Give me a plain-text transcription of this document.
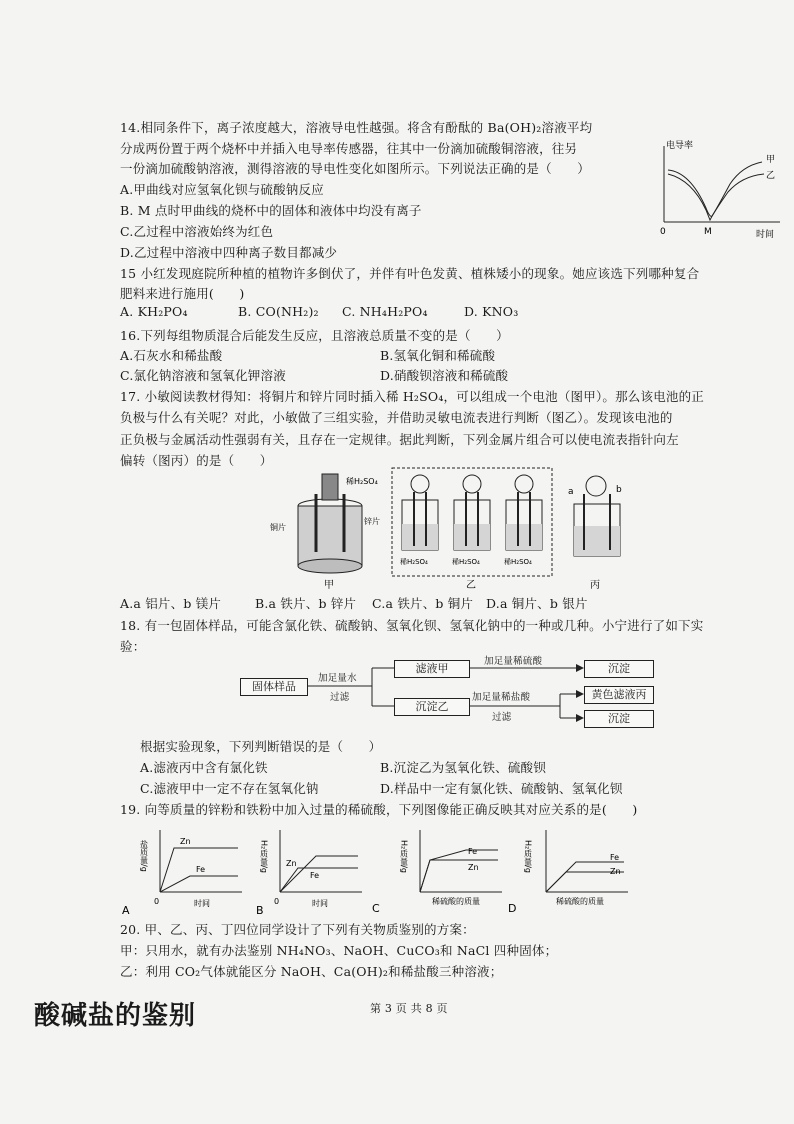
14.相同条件下，离子浓度越大，溶液导电性越强。将含有酚酞的 Ba(OH)₂溶液平均
分成两份置于两个烧杯中并插入电导率传感器，往其中一份滴加硫酸铜溶液，往另
一份滴加硫酸钠溶液，测得溶液的导电性变化如图所示。下列说法正确的是（　　）
A.甲曲线对应氢氧化钡与硫酸钠反应
B. M 点时甲曲线的烧杯中的固体和液体中均没有离子
C.乙过程中溶液始终为红色
D.乙过程中溶液中四种离子数目都减少
电导率
甲
乙
0	M	时间
15 小红发现庭院所种植的植物许多倒伏了，并伴有叶色发黄、植株矮小的现象。她应该选下列哪种复合
肥料来进行施用(　　)
A. KH₂PO₄	B. CO(NH₂)₂ C. NH₄H₂PO₄	D. KNO₃
16.下列每组物质混合后能发生反应，且溶液总质量不变的是（　　）
A.石灰水和稀盐酸	B.氢氧化铜和稀硫酸
C.氯化钠溶液和氢氧化钾溶液	D.硝酸钡溶液和稀硫酸
17. 小敏阅读教材得知：将铜片和锌片同时插入稀 H₂SO₄，可以组成一个电池（图甲）。那么该电池的正
负极与什么有关呢？对此，小敏做了三组实验，并借助灵敏电流表进行判断（图乙）。发现该电池的
正负极与金属活动性强弱有关，且存在一定规律。据此判断，下列金属片组合可以使电流表指针向左
偏转（图丙）的是（　　）
稀H₂SO₄
铜片
锌片
甲
稀H₂SO₄	稀H₂SO₄	稀H₂SO₄
乙
a	b
丙
A.a 铝片、b 镁片	B.a 铁片、b 锌片 C.a 铁片、b 铜片 D.a 铜片、b 银片
18. 有一包固体样品，可能含氯化铁、硫酸钠、氢氧化钡、氢氧化钠中的一种或几种。小宁进行了如下实
验：
固体样品
加足量水
过滤
滤液甲
加足量稀硫酸
沉淀
沉淀乙
加足量稀盐酸
过滤
黄色滤液丙
沉淀
根据实验现象，下列判断错误的是（　　）
A.滤液丙中含有氯化铁	B.沉淀乙为氢氧化铁、硫酸钡
C.滤液甲中一定不存在氢氧化钠	D.样品中一定有氯化铁、硫酸钠、氢氧化钡
19. 向等质量的锌粉和铁粉中加入过量的稀硫酸，下列图像能正确反映其对应关系的是(　　)
盐质量/g	Zn
Fe
0	时间
A
H₂质量/g Zn
Fe
0	时间
B
H₂质量/g	Fe
Zn
稀硫酸的质量
C
H₂质量/g	Fe
Zn
稀硫酸的质量
D
20. 甲、乙、丙、丁四位同学设计了下列有关物质鉴别的方案：
甲：只用水，就有办法鉴别 NH₄NO₃、NaOH、CuCO₃和 NaCl 四种固体；
乙：利用 CO₂气体就能区分 NaOH、Ca(OH)₂和稀盐酸三种溶液；
第 3 页 共 8 页
酸碱盐的鉴别
